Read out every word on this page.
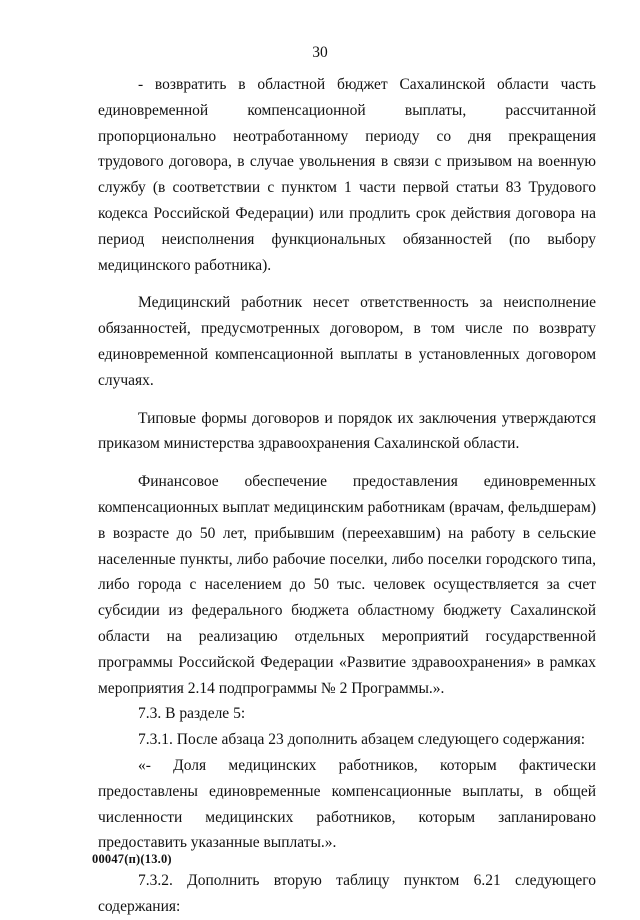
30

- возвратить в областной бюджет Сахалинской области часть единовременной компенсационной выплаты, рассчитанной пропорционально неотработанному периоду со дня прекращения трудового договора, в случае увольнения в связи с призывом на военную службу (в соответствии с пунктом 1 части первой статьи 83 Трудового кодекса Российской Федерации) или продлить срок действия договора на период неисполнения функциональных обязанностей (по выбору медицинского работника).

Медицинский работник несет ответственность за неисполнение обязанностей, предусмотренных договором, в том числе по возврату единовременной компенсационной выплаты в установленных договором случаях.

Типовые формы договоров и порядок их заключения утверждаются приказом министерства здравоохранения Сахалинской области.

Финансовое обеспечение предоставления единовременных компенсационных выплат медицинским работникам (врачам, фельдшерам) в возрасте до 50 лет, прибывшим (переехавшим) на работу в сельские населенные пункты, либо рабочие поселки, либо поселки городского типа, либо города с населением до 50 тыс. человек осуществляется за счет субсидии из федерального бюджета областному бюджету Сахалинской области на реализацию отдельных мероприятий государственной программы Российской Федерации «Развитие здравоохранения» в рамках мероприятия 2.14 подпрограммы № 2 Программы.».

7.3. В разделе 5:

7.3.1. После абзаца 23 дополнить абзацем следующего содержания:

«- Доля медицинских работников, которым фактически предоставлены единовременные компенсационные выплаты, в общей численности медицинских работников, которым запланировано предоставить указанные выплаты.».

7.3.2. Дополнить вторую таблицу пунктом 6.21 следующего содержания:

00047(п)(13.0)
